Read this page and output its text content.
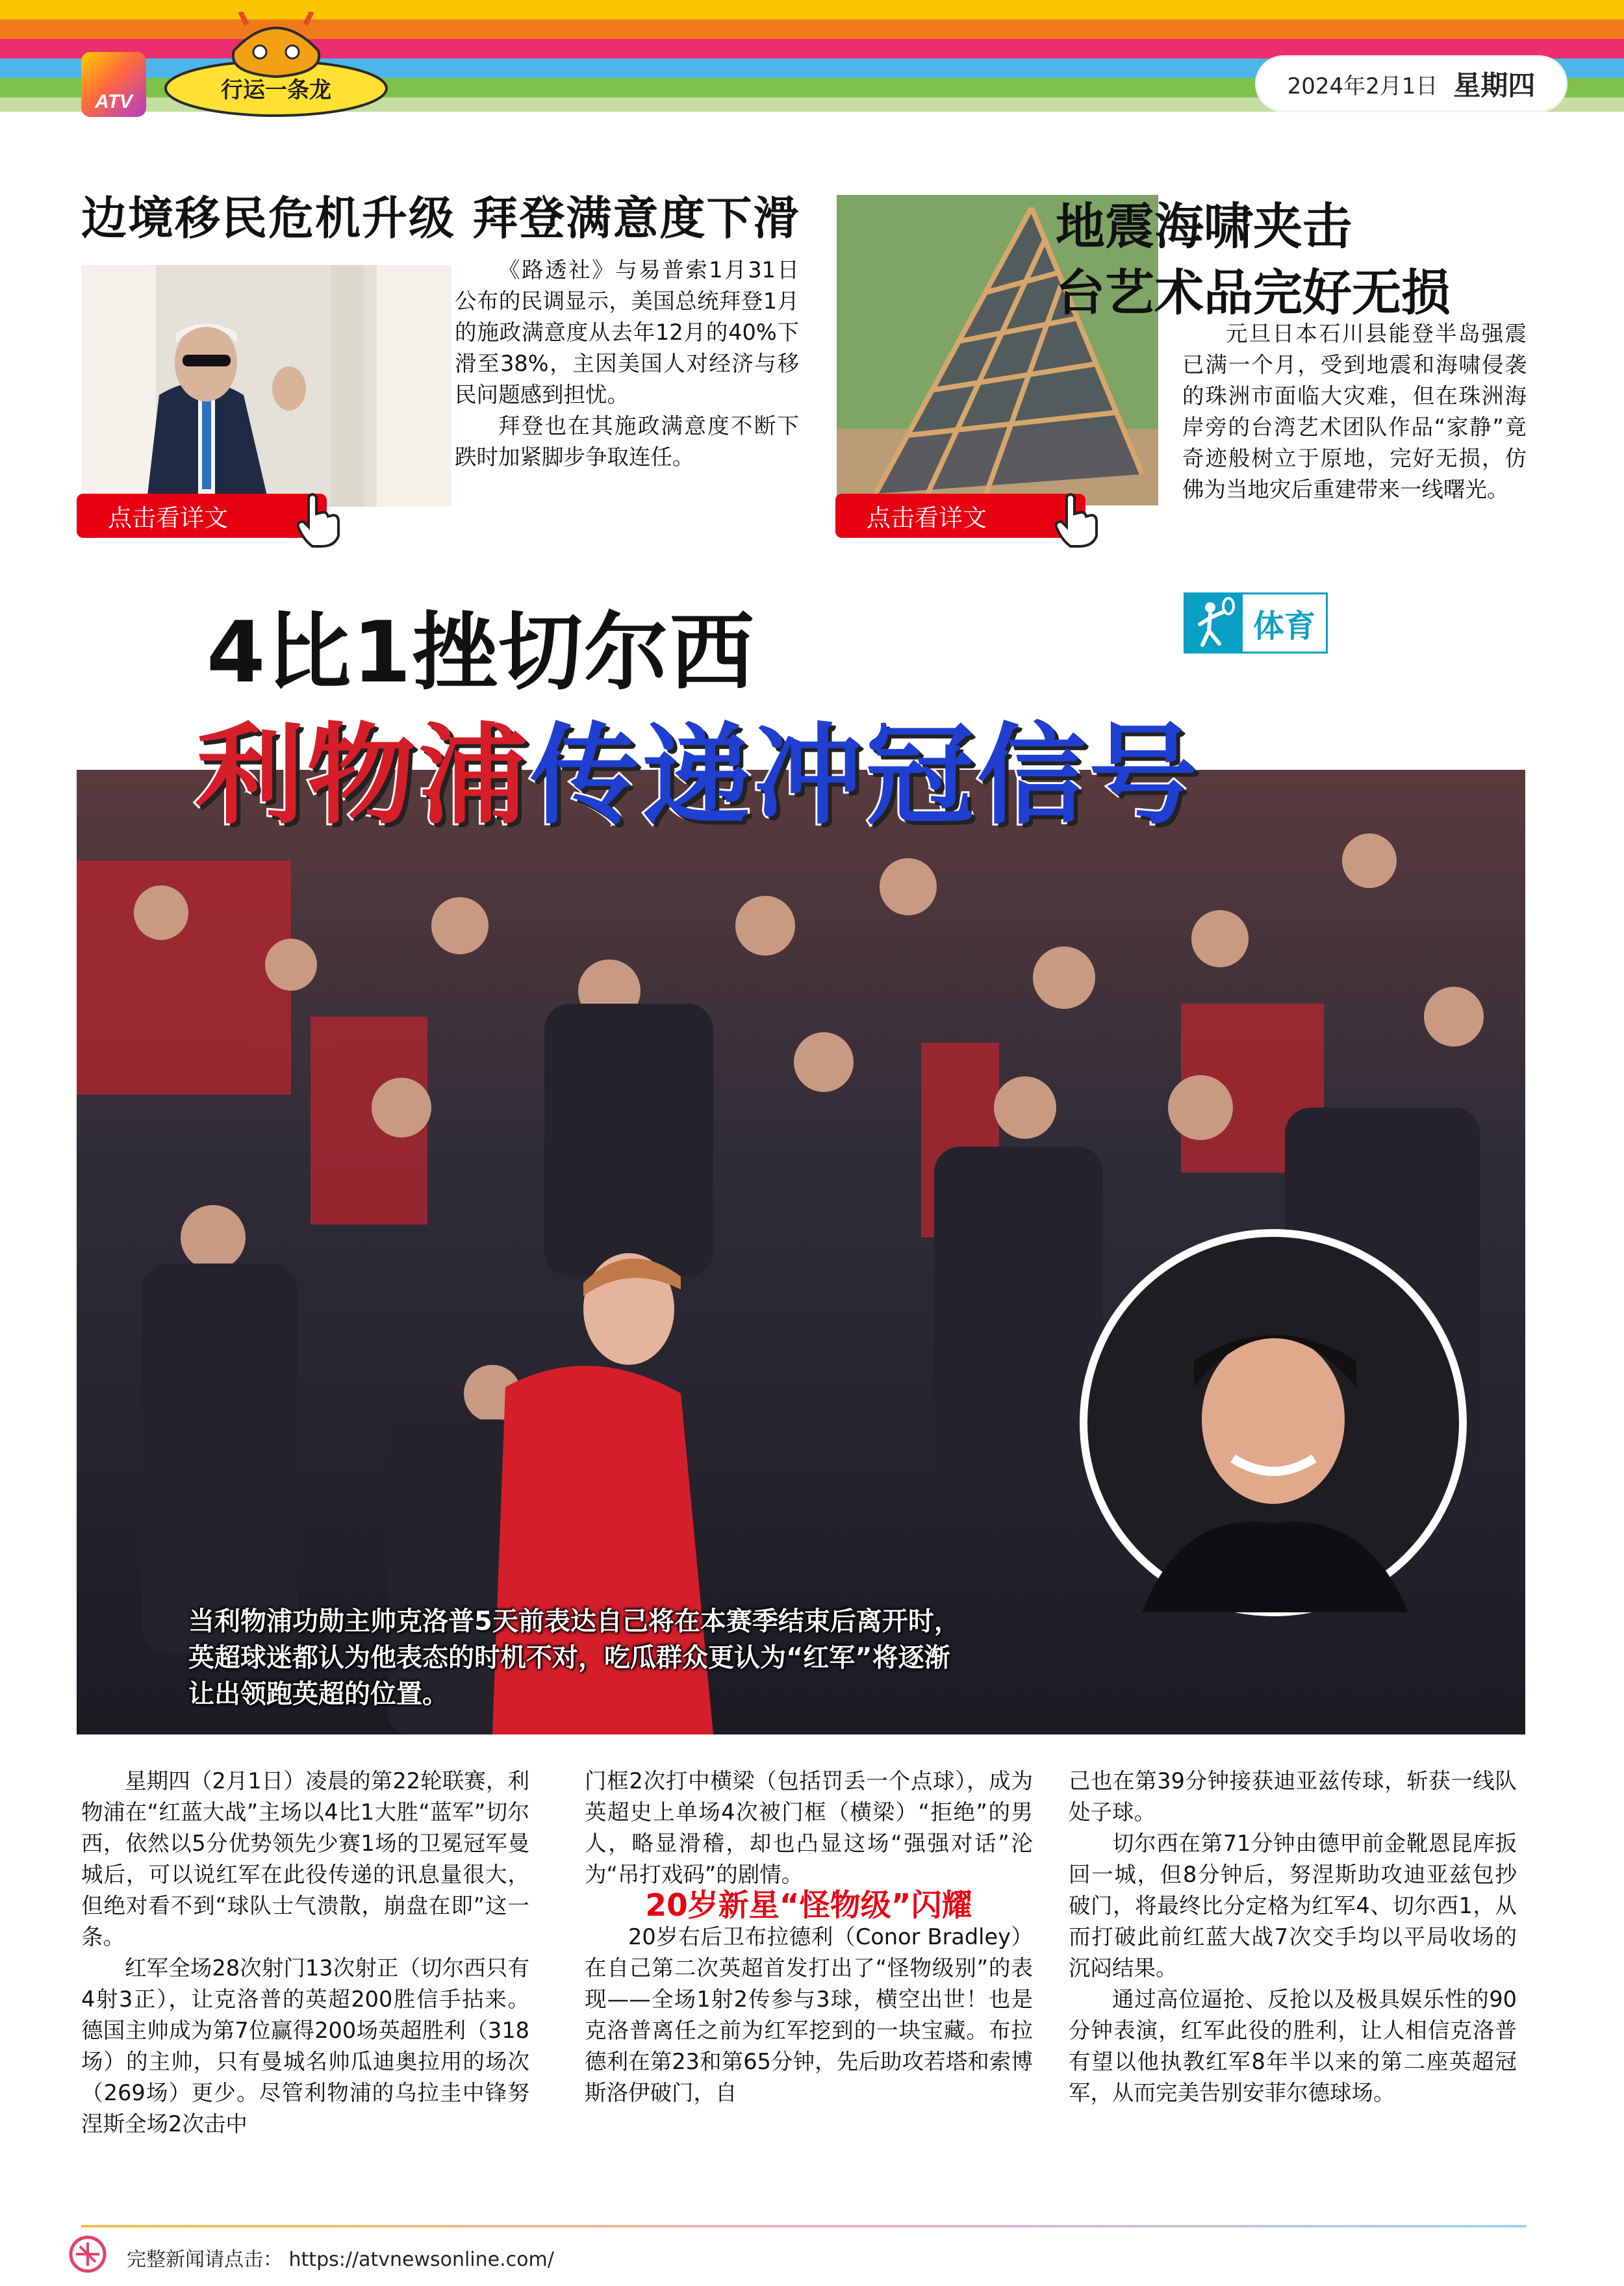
ATV	行运一条龙	2024年2月1日 星期四
边境移民危机升级 拜登满意度下滑

《路透社》与易普索1月31日公布的民调显示，美国总统拜登1月的施政满意度从去年12月的40%下滑至38%，主因美国人对经济与移民问题感到担忧。

拜登也在其施政满意度不断下跌时加紧脚步争取连任。

点击看详文
地震海啸夹击
台艺术品完好无损

元旦日本石川县能登半岛强震已满一个月，受到地震和海啸侵袭的珠洲市面临大灾难，但在珠洲海岸旁的台湾艺术团队作品“家静”竟奇迹般树立于原地，完好无损，仿佛为当地灾后重建带来一线曙光。

点击看详文
4比1挫切尔西	体育
利物浦传递冲冠信号
当利物浦功勋主帅克洛普5天前表达自己将在本赛季结束后离开时，英超球迷都认为他表态的时机不对，吃瓜群众更认为“红军”将逐渐让出领跑英超的位置。

星期四（2月1日）凌晨的第22轮联赛，利物浦在“红蓝大战”主场以4比1大胜“蓝军”切尔西，依然以5分优势领先少赛1场的卫冕冠军曼城后，可以说红军在此役传递的讯息量很大，但绝对看不到“球队士气溃散，崩盘在即”这一条。

红军全场28次射门13次射正（切尔西只有4射3正），让克洛普的英超200胜信手拈来。德国主帅成为第7位赢得200场英超胜利（318场）的主帅，只有曼城名帅瓜迪奥拉用的场次（269场）更少。尽管利物浦的乌拉圭中锋努涅斯全场2次击中

门框2次打中横梁（包括罚丢一个点球），成为英超史上单场4次被门框（横梁）“拒绝”的男人，略显滑稽，却也凸显这场“强强对话”沦为“吊打戏码”的剧情。

20岁新星“怪物级”闪耀

20岁右后卫布拉德利（Conor Bradley）在自己第二次英超首发打出了“怪物级别”的表现——全场1射2传参与3球，横空出世！也是克洛普离任之前为红军挖到的一块宝藏。布拉德利在第23和第65分钟，先后助攻若塔和索博斯洛伊破门，自

己也在第39分钟接获迪亚兹传球，斩获一线队处子球。

切尔西在第71分钟由德甲前金靴恩昆库扳回一城，但8分钟后，努涅斯助攻迪亚兹包抄破门，将最终比分定格为红军4、切尔西1，从而打破此前红蓝大战7次交手均以平局收场的沉闷结果。

通过高位逼抢、反抢以及极具娱乐性的90分钟表演，红军此役的胜利，让人相信克洛普有望以他执教红军8年半以来的第二座英超冠军，从而完美告别安菲尔德球场。

完整新闻请点击： https://atvnewsonline.com/
